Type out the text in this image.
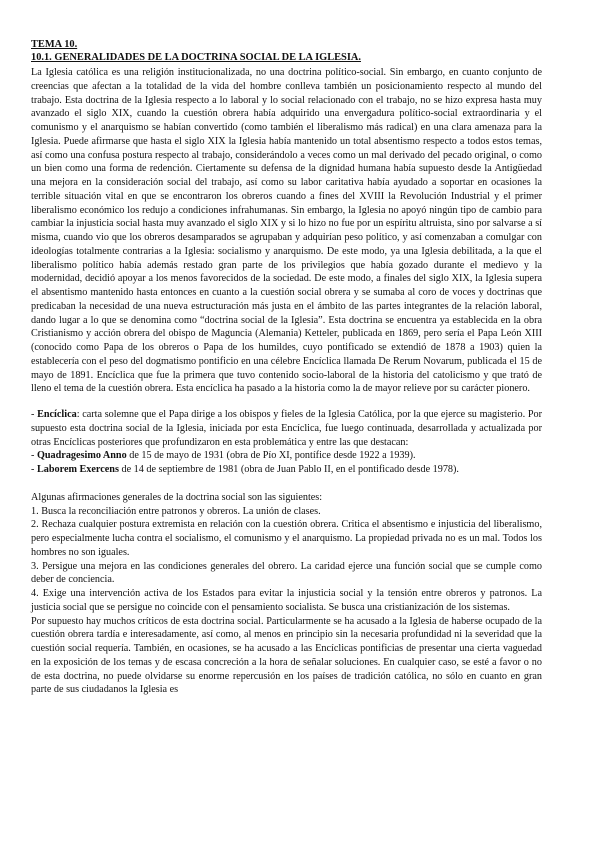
TEMA 10.

10.1. GENERALIDADES DE LA DOCTRINA SOCIAL DE LA IGLESIA.

La Iglesia católica es una religión institucionalizada, no una doctrina político-social. Sin embargo, en cuanto conjunto de creencias que afectan a la totalidad de la vida del hombre conlleva también un posicionamiento respecto al mundo del trabajo. Esta doctrina de la Iglesia respecto a lo laboral y lo social relacionado con el trabajo, no se hizo expresa hasta muy avanzado el siglo XIX, cuando la cuestión obrera había adquirido una envergadura político-social extraordinaria y el comunismo y el anarquismo se habían convertido (como también el liberalismo más radical) en una clara amenaza para la Iglesia. Puede afirmarse que hasta el siglo XIX la Iglesia había mantenido un total absentismo respecto a todos estos temas, así como una confusa postura respecto al trabajo, considerándolo a veces como un mal derivado del pecado original, o como un bien como una forma de redención. Ciertamente su defensa de la dignidad humana había supuesto desde la Antigüedad una mejora en la consideración social del trabajo, así como su labor caritativa había ayudado a soportar en ocasiones la terrible situación vital en que se encontraron los obreros cuando a fines del XVIII la Revolución Industrial y el primer liberalismo económico los redujo a condiciones infrahumanas. Sin embargo, la Iglesia no apoyó ningún tipo de cambio para cambiar la injusticia social hasta muy avanzado el siglo XIX y si lo hizo no fue por un espíritu altruista, sino por salvarse a sí misma, cuando vio que los obreros desamparados se agrupaban y adquirían peso político, y así comenzaban a comulgar con ideologías totalmente contrarias a la Iglesia: socialismo y anarquismo. De este modo, ya una Iglesia debilitada, a la que el liberalismo político había además restado gran parte de los privilegios que había gozado durante el medievo y la modernidad, decidió apoyar a los menos favorecidos de la sociedad. De este modo, a finales del siglo XIX, la Iglesia supera el absentismo mantenido hasta entonces en cuanto a la cuestión social obrera y se sumaba al coro de voces y doctrinas que predicaban la necesidad de una nueva estructuración más justa en el ámbito de las partes integrantes de la relación laboral, dando lugar a lo que se denomina como “doctrina social de la Iglesia”. Esta doctrina se encuentra ya establecida en la obra Cristianismo y acción obrera del obispo de Maguncia (Alemania) Ketteler, publicada en 1869, pero sería el Papa León XIII (conocido como Papa de los obreros o Papa de los humildes, cuyo pontificado se extendió de 1878 a 1903) quien la establecería con el peso del dogmatismo pontificio en una célebre Encíclica llamada De Rerum Novarum, publicada el 15 de mayo de 1891. Encíclica que fue la primera que tuvo contenido socio-laboral de la historia del catolicismo y que trató de lleno el tema de la cuestión obrera. Esta encíclica ha pasado a la historia como la de mayor relieve por su carácter pionero.

- Encíclica: carta solemne que el Papa dirige a los obispos y fieles de la Iglesia Católica, por la que ejerce su magisterio. Por supuesto esta doctrina social de la Iglesia, iniciada por esta Encíclica, fue luego continuada, desarrollada y actualizada por otras Encíclicas posteriores que profundizaron en esta problemática y entre las que destacan:

- Quadragesimo Anno de 15 de mayo de 1931 (obra de Pío XI, pontífice desde 1922 a 1939).

- Laborem Exercens de 14 de septiembre de 1981 (obra de Juan Pablo II, en el pontificado desde 1978).

Algunas afirmaciones generales de la doctrina social son las siguientes:

1. Busca la reconciliación entre patronos y obreros. La unión de clases.

2. Rechaza cualquier postura extremista en relación con la cuestión obrera. Critica el absentismo e injusticia del liberalismo, pero especialmente lucha contra el socialismo, el comunismo y el anarquismo. La propiedad privada no es un mal. Todos los hombres no son iguales.

3. Persigue una mejora en las condiciones generales del obrero. La caridad ejerce una función social que se cumple como deber de conciencia.

4. Exige una intervención activa de los Estados para evitar la injusticia social y la tensión entre obreros y patronos. La justicia social que se persigue no coincide con el pensamiento socialista. Se busca una cristianización de los sistemas.

Por supuesto hay muchos críticos de esta doctrina social. Particularmente se ha acusado a la Iglesia de haberse ocupado de la cuestión obrera tardía e interesadamente, así como, al menos en principio sin la necesaria profundidad ni la severidad que la cuestión social requería. También, en ocasiones, se ha acusado a las Encíclicas pontificias de presentar una cierta vaguedad en la exposición de los temas y de escasa concreción a la hora de señalar soluciones. En cualquier caso, se esté a favor o no de esta doctrina, no puede olvidarse su enorme repercusión en los países de tradición católica, no sólo en cuanto en gran parte de sus ciudadanos la Iglesia es
